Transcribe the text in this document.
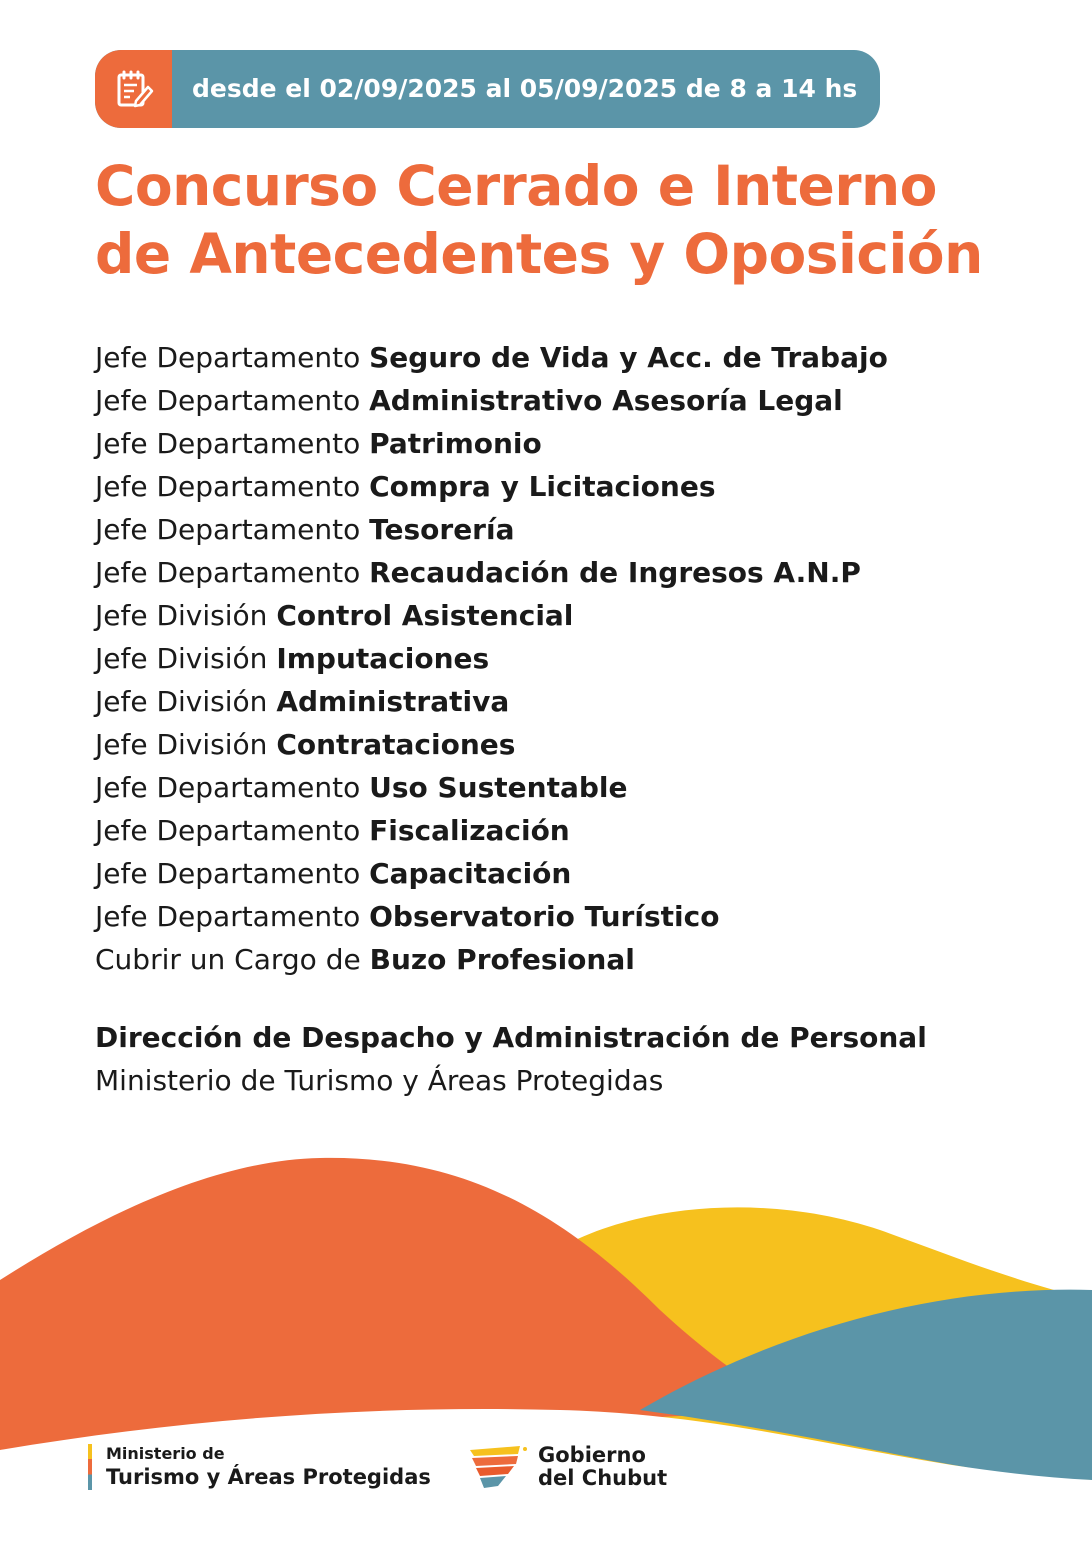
desde el 02/09/2025 al 05/09/2025 de 8 a 14 hs
Concurso Cerrado e Interno
de Antecedentes y Oposición
Jefe Departamento Seguro de Vida y Acc. de Trabajo
Jefe Departamento Administrativo Asesoría Legal
Jefe Departamento Patrimonio
Jefe Departamento Compra y Licitaciones
Jefe Departamento Tesorería
Jefe Departamento Recaudación de Ingresos A.N.P
Jefe División Control Asistencial
Jefe División Imputaciones
Jefe División Administrativa
Jefe División Contrataciones
Jefe Departamento Uso Sustentable
Jefe Departamento Fiscalización
Jefe Departamento Capacitación
Jefe Departamento Observatorio Turístico
Cubrir un Cargo de Buzo Profesional
Dirección de Despacho y Administración de Personal
Ministerio de Turismo y Áreas Protegidas
Ministerio de
Turismo y Áreas Protegidas
Gobierno
del Chubut
